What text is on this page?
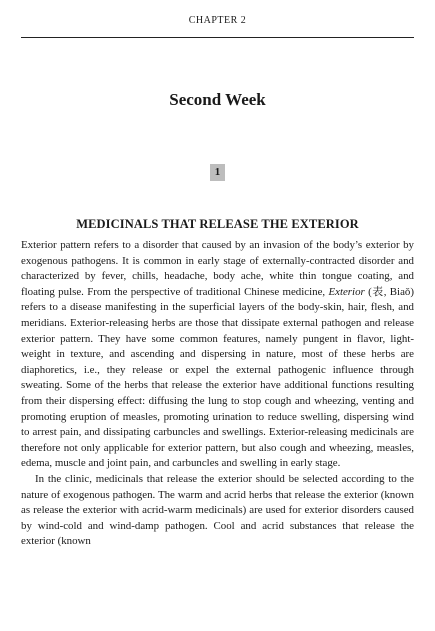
CHAPTER 2
Second Week
1
MEDICINALS THAT RELEASE THE EXTERIOR

Exterior pattern refers to a disorder that caused by an invasion of the body’s exterior by exogenous pathogens. It is common in early stage of externally-contracted disorder and characterized by fever, chills, headache, body ache, white thin tongue coating, and floating pulse. From the perspective of traditional Chinese medicine, Exterior (表, Biaǒ) refers to a disease manifesting in the superficial layers of the body-skin, hair, flesh, and meridians. Exterior-releasing herbs are those that dissipate external pathogen and release exterior pattern. They have some common features, namely pungent in flavor, light-weight in texture, and ascending and dispersing in nature, most of these herbs are diaphoretics, i.e., they release or expel the external pathogenic influence through sweating. Some of the herbs that release the exterior have additional functions resulting from their dispersing effect: diffusing the lung to stop cough and wheezing, venting and promoting eruption of measles, promoting urination to reduce swelling, dispersing wind to arrest pain, and dissipating carbuncles and swellings. Exterior-releasing medicinals are therefore not only applicable for exterior pattern, but also cough and wheezing, measles, edema, muscle and joint pain, and carbuncles and swelling in early stage.

In the clinic, medicinals that release the exterior should be selected according to the nature of exogenous pathogen. The warm and acrid herbs that release the exterior (known as release the exterior with acrid-warm medicinals) are used for exterior disorders caused by wind-cold and wind-damp pathogen. Cool and acrid substances that release the exterior (known
